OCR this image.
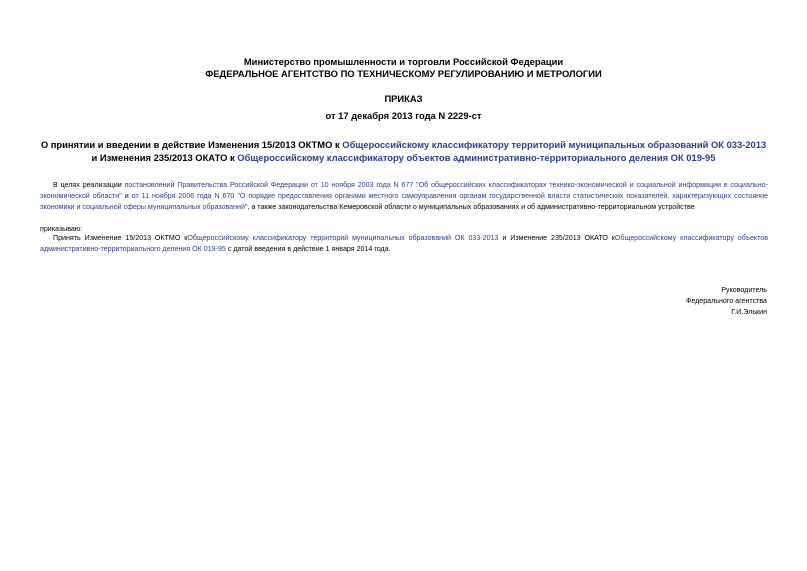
Министерство промышленности и торговли Российской Федерации
ФЕДЕРАЛЬНОЕ АГЕНТСТВО ПО ТЕХНИЧЕСКОМУ РЕГУЛИРОВАНИЮ И МЕТРОЛОГИИ
ПРИКАЗ
от 17 декабря 2013 года N 2229-ст
О принятии и введении в действие Изменения 15/2013 ОКТМО к Общероссийскому классификатору территорий муниципальных образований ОК 033-2013 и Изменения 235/2013 ОКАТО к Общероссийскому классификатору объектов административно-территориального деления ОК 019-95
В целях реализации постановлений Правительства Российской Федерации от 10 ноября 2003 года N 677 "Об общероссийских классификаторах технико-экономической и социальной информации в социально-экономической области" и от 11 ноября 2006 года N 670 "О порядке предоставления органами местного самоуправления органам государственной власти статистических показателей, характеризующих состояние экономики и социальной сферы муниципальных образований", а также законодательства Кемеровской области о муниципальных образованиях и об административно-территориальном устройстве
приказываю:
Принять Изменение 15/2013 ОКТМО кОбщероссийскому классификатору территорий муниципальных образований ОК 033-2013 и Изменение 235/2013 ОКАТО кОбщероссийскому классификатору объектов административно-территориального деления ОК 019-95 с датой введения в действие 1 января 2014 года.

Руководитель

Федерального агентства

Г.И.Элькин
